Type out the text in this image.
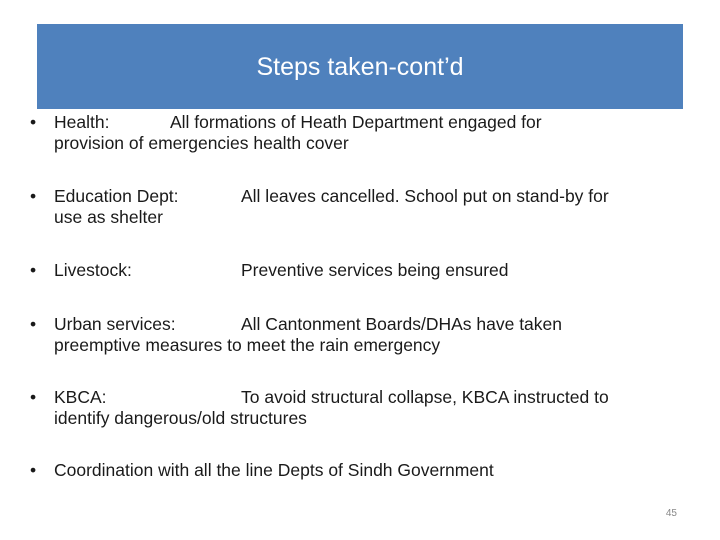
Steps taken-cont’d
•	Health:	All formations of Heath Department engaged for
provision of emergencies health cover
•	Education Dept:	All leaves cancelled. School put on stand-by for
use as shelter
•	Livestock:	Preventive services being ensured
•	Urban services:	All Cantonment Boards/DHAs have taken
preemptive measures to meet the rain emergency
•	KBCA:	To avoid structural collapse, KBCA instructed to
identify dangerous/old structures
•	Coordination with all the line Depts of Sindh Government
45
